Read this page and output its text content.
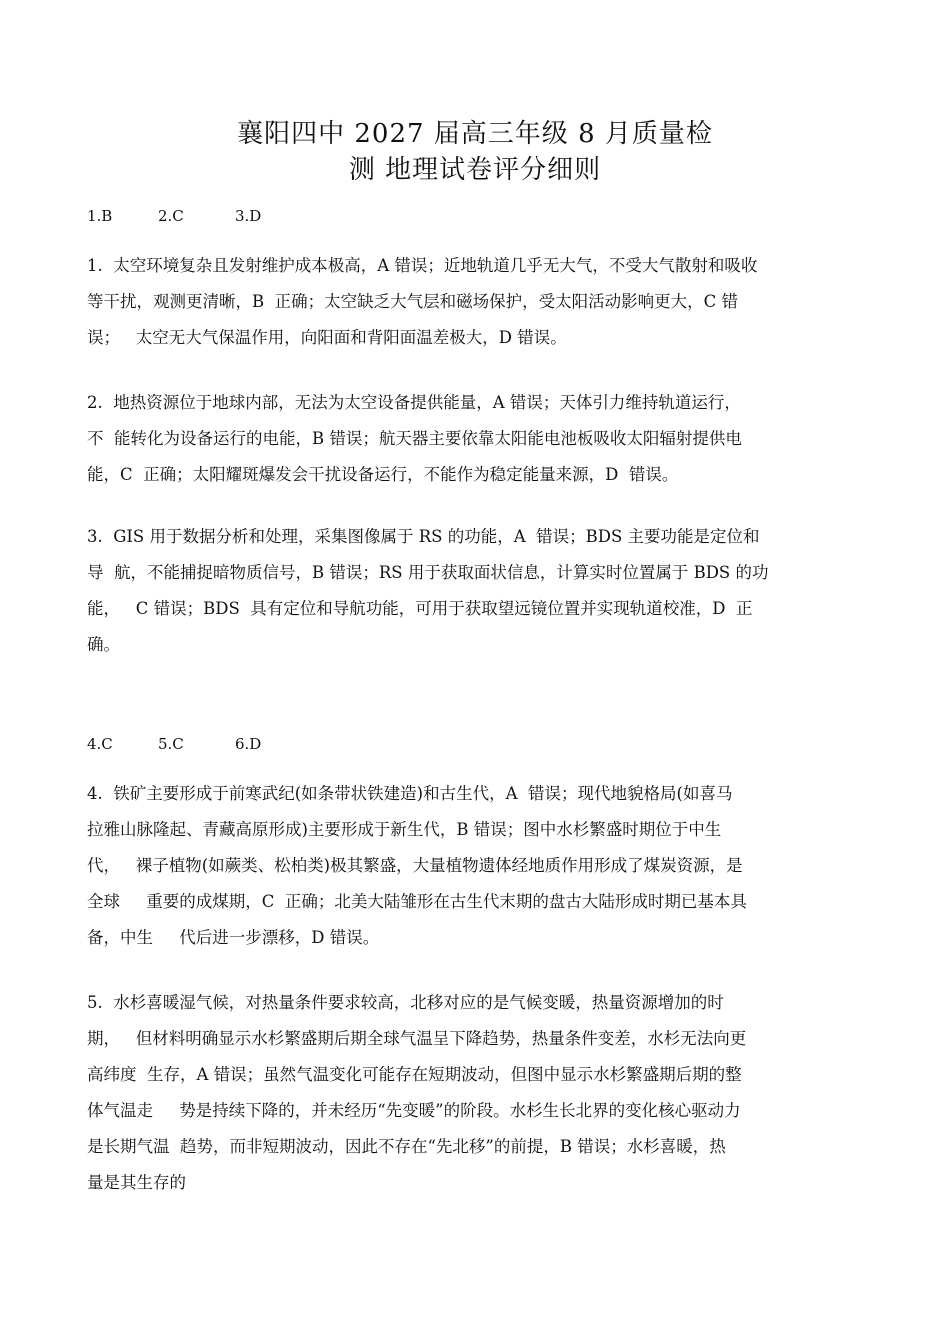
襄阳四中 2027 届高三年级 8 月质量检
测 地理试卷评分细则
1.B	2.C	3.D
1.  太空环境复杂且发射维护成本极高，A 错误；近地轨道几乎无大气，不受大气散射和吸收
等干扰，观测更清晰，B  正确；太空缺乏大气层和磁场保护，受太阳活动影响更大，C 错
误；   太空无大气保温作用，向阳面和背阳面温差极大，D 错误。
2.  地热资源位于地球内部，无法为太空设备提供能量，A 错误；天体引力维持轨道运行，
不  能转化为设备运行的电能，B 错误；航天器主要依靠太阳能电池板吸收太阳辐射提供电
能，C  正确；太阳耀斑爆发会干扰设备运行，不能作为稳定能量来源，D  错误。
3.  GIS 用于数据分析和处理，采集图像属于 RS 的功能，A  错误；BDS 主要功能是定位和
导  航，不能捕捉暗物质信号，B 错误；RS 用于获取面状信息，计算实时位置属于 BDS 的功
能，   C 错误；BDS  具有定位和导航功能，可用于获取望远镜位置并实现轨道校准，D  正
确。
4.C	5.C	6.D
4.  铁矿主要形成于前寒武纪(如条带状铁建造)和古生代，A  错误；现代地貌格局(如喜马
拉雅山脉隆起、青藏高原形成)主要形成于新生代，B 错误；图中水杉繁盛时期位于中生
代，   裸子植物(如蕨类、松柏类)极其繁盛，大量植物遗体经地质作用形成了煤炭资源，是
全球     重要的成煤期，C  正确；北美大陆雏形在古生代末期的盘古大陆形成时期已基本具
备，中生     代后进一步漂移，D 错误。
5.  水杉喜暖湿气候，对热量条件要求较高，北移对应的是气候变暖，热量资源增加的时
期，   但材料明确显示水杉繁盛期后期全球气温呈下降趋势，热量条件变差，水杉无法向更
高纬度  生存，A 错误；虽然气温变化可能存在短期波动，但图中显示水杉繁盛期后期的整
体气温走     势是持续下降的，并未经历“先变暖”的阶段。水杉生长北界的变化核心驱动力
是长期气温  趋势，而非短期波动，因此不存在“先北移”的前提，B 错误；水杉喜暖，热
量是其生存的
